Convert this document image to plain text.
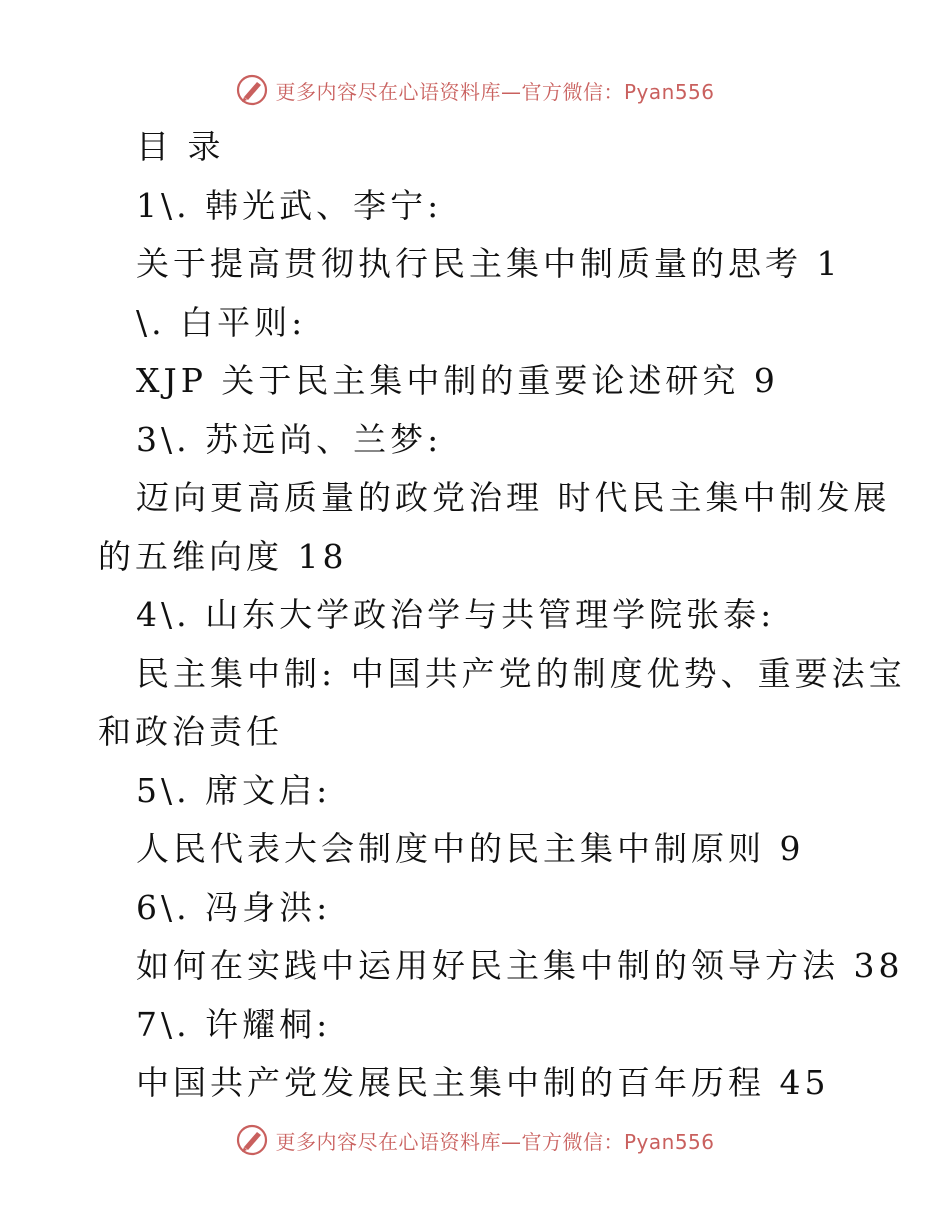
更多内容尽在心语资料库—官方微信：Pyan556
目 录
1\. 韩光武、李宁:
关于提高贯彻执行民主集中制质量的思考 1
\. 白平则:
XJP 关于民主集中制的重要论述研究 9
3\. 苏远尚、兰梦:
迈向更高质量的政党治理 时代民主集中制发展
的五维向度 18
4\. 山东大学政治学与共管理学院张泰:
民主集中制: 中国共产党的制度优势、重要法宝
和政治责任
5\. 席文启:
人民代表大会制度中的民主集中制原则 9
6\. 冯身洪:
如何在实践中运用好民主集中制的领导方法 38
7\. 许耀桐:
中国共产党发展民主集中制的百年历程 45
更多内容尽在心语资料库—官方微信：Pyan556
